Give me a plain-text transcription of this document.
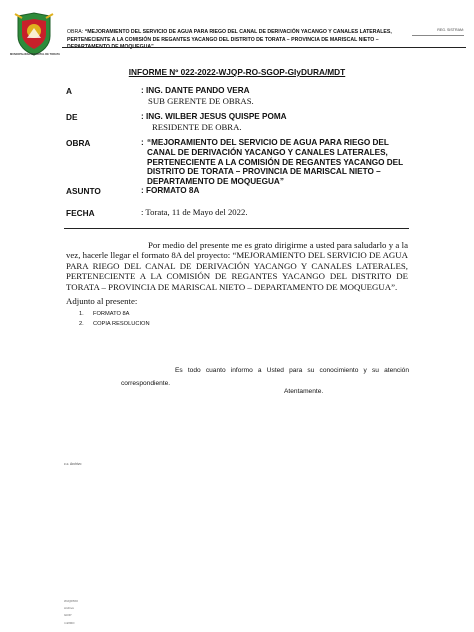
MUNICIPALIDAD DISTRITAL DE TORATA
OBRA: “MEJORAMIENTO DEL SERVICIO DE AGUA PARA RIEGO DEL CANAL DE DERIVACIÓN YACANGO Y CANALES LATERALES, PERTENECIENTE A LA COMISIÓN DE REGANTES YACANGO DEL DISTRITO DE TORATA – PROVINCIA DE MARISCAL NIETO – DEPARTAMENTO DE MOQUEGUA”
REG. SISTRAM:
INFORME Nº 022-2022-WJQP-RO-SGOP-GIyDURA/MDT
A	: ING. DANTE PANDO VERA
SUB GERENTE DE OBRAS.
DE	: ING. WILBER JESUS QUISPE POMA
RESIDENTE DE OBRA.
OBRA	: “MEJORAMIENTO DEL SERVICIO DE AGUA PARA RIEGO DEL CANAL DE DERIVACIÓN YACANGO Y CANALES LATERALES, PERTENECIENTE A LA COMISIÓN DE REGANTES YACANGO DEL DISTRITO DE TORATA – PROVINCIA DE MARISCAL NIETO – DEPARTAMENTO DE MOQUEGUA”
ASUNTO	: FORMATO 8A
FECHA	: Torata, 11 de Mayo del 2022.
Por medio del presente me es grato dirigirme a usted para saludarlo y a la vez, hacerle llegar el formato 8A del proyecto: “MEJORAMIENTO DEL SERVICIO DE AGUA PARA RIEGO DEL CANAL DE DERIVACIÓN YACANGO Y CANALES LATERALES, PERTENECIENTE A LA COMISIÓN DE REGANTES YACANGO DEL DISTRITO DE TORATA – PROVINCIA DE MARISCAL NIETO – DEPARTAMENTO DE MOQUEGUA”.
Adjunto al presente:
1. FORMATO 8A
2. COPIA RESOLUCION
Es todo cuanto informo a Usted para su conocimiento y su atención correspondiente.
Atentamente.
c.c. Archivo
WJQP/RO
Archivo
GIOP
rmf/IRO
